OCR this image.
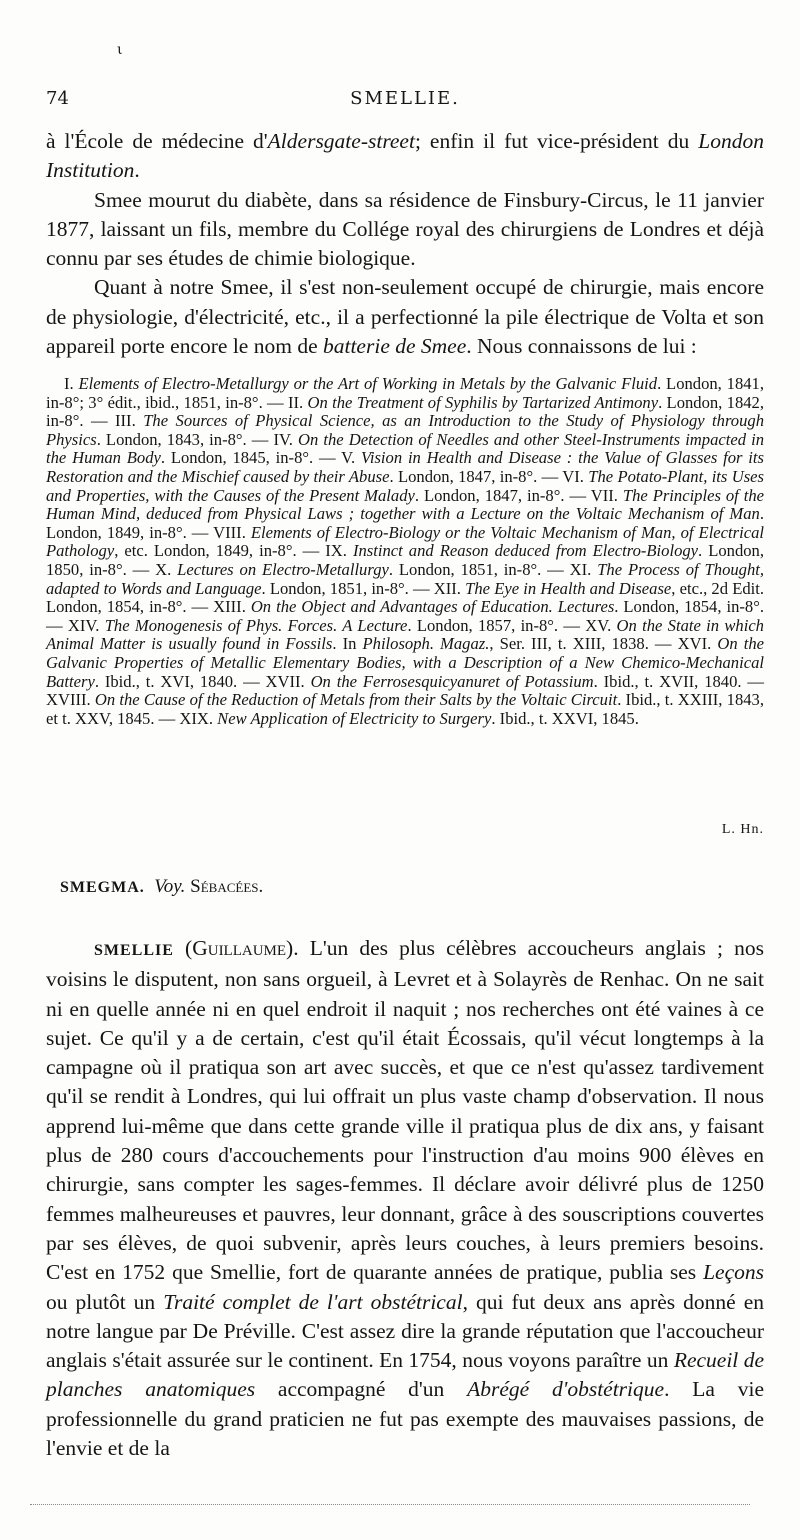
ι
74	SMELLIE.

à l'École de médecine d'Aldersgate-street; enfin il fut vice-président du London Institution.

Smee mourut du diabète, dans sa résidence de Finsbury-Circus, le 11 janvier 1877, laissant un fils, membre du Collége royal des chirurgiens de Londres et déjà connu par ses études de chimie biologique.

Quant à notre Smee, il s'est non-seulement occupé de chirurgie, mais encore de physiologie, d'électricité, etc., il a perfectionné la pile électrique de Volta et son appareil porte encore le nom de batterie de Smee. Nous connaissons de lui :

I. Elements of Electro-Metallurgy or the Art of Working in Metals by the Galvanic Fluid. London, 1841, in-8°; 3° édit., ibid., 1851, in-8°. — II. On the Treatment of Syphilis by Tartarized Antimony. London, 1842, in-8°. — III. The Sources of Physical Science, as an Introduction to the Study of Physiology through Physics. London, 1843, in-8°. — IV. On the Detection of Needles and other Steel-Instruments impacted in the Human Body. London, 1845, in-8°. — V. Vision in Health and Disease : the Value of Glasses for its Restoration and the Mischief caused by their Abuse. London, 1847, in-8°. — VI. The Potato-Plant, its Uses and Properties, with the Causes of the Present Malady. London, 1847, in-8°. — VII. The Principles of the Human Mind, deduced from Physical Laws ; together with a Lecture on the Voltaic Mechanism of Man. London, 1849, in-8°. — VIII. Elements of Electro-Biology or the Voltaic Mechanism of Man, of Electrical Pathology, etc. London, 1849, in-8°. — IX. Instinct and Reason deduced from Electro-Biology. London, 1850, in-8°. — X. Lectures on Electro-Metallurgy. London, 1851, in-8°. — XI. The Process of Thought, adapted to Words and Language. London, 1851, in-8°. — XII. The Eye in Health and Disease, etc., 2d Edit. London, 1854, in-8°. — XIII. On the Object and Advantages of Education. Lectures. London, 1854, in-8°. — XIV. The Monogenesis of Phys. Forces. A Lecture. London, 1857, in-8°. — XV. On the State in which Animal Matter is usually found in Fossils. In Philosoph. Magaz., Ser. III, t. XIII, 1838. — XVI. On the Galvanic Properties of Metallic Elementary Bodies, with a Description of a New Chemico-Mechanical Battery. Ibid., t. XVI, 1840. — XVII. On the Ferrosesquicyanuret of Potassium. Ibid., t. XVII, 1840. — XVIII. On the Cause of the Reduction of Metals from their Salts by the Voltaic Circuit. Ibid., t. XXIII, 1843, et t. XXV, 1845. — XIX. New Application of Electricity to Surgery. Ibid., t. XXVI, 1845.
L. Hn.
SMEGMA. Voy. Sébacées.

SMELLIE (Guillaume). L'un des plus célèbres accoucheurs anglais ; nos voisins le disputent, non sans orgueil, à Levret et à Solayrès de Renhac. On ne sait ni en quelle année ni en quel endroit il naquit ; nos recherches ont été vaines à ce sujet. Ce qu'il y a de certain, c'est qu'il était Écossais, qu'il vécut longtemps à la campagne où il pratiqua son art avec succès, et que ce n'est qu'assez tardivement qu'il se rendit à Londres, qui lui offrait un plus vaste champ d'observation. Il nous apprend lui-même que dans cette grande ville il pratiqua plus de dix ans, y faisant plus de 280 cours d'accouchements pour l'instruction d'au moins 900 élèves en chirurgie, sans compter les sages-femmes. Il déclare avoir délivré plus de 1250 femmes malheureuses et pauvres, leur donnant, grâce à des souscriptions couvertes par ses élèves, de quoi subvenir, après leurs couches, à leurs premiers besoins. C'est en 1752 que Smellie, fort de quarante années de pratique, publia ses Leçons ou plutôt un Traité complet de l'art obstétrical, qui fut deux ans après donné en notre langue par De Préville. C'est assez dire la grande réputation que l'accoucheur anglais s'était assurée sur le continent. En 1754, nous voyons paraître un Recueil de planches anatomiques accompagné d'un Abrégé d'obstétrique. La vie professionnelle du grand praticien ne fut pas exempte des mauvaises passions, de l'envie et de la
